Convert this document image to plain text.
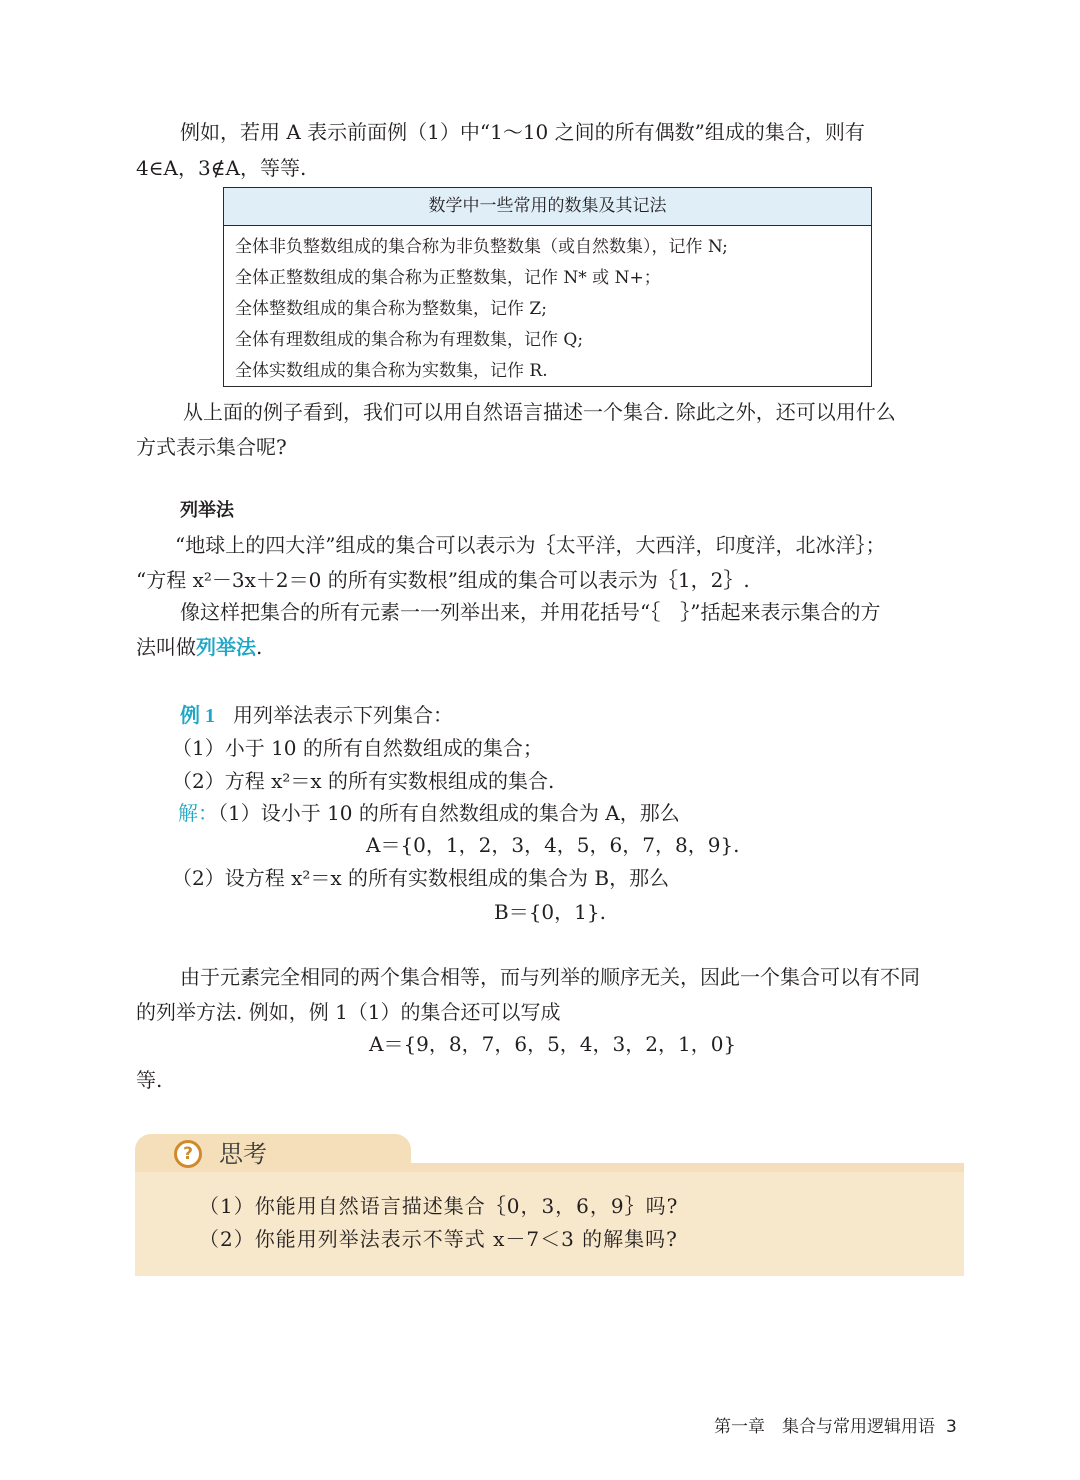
例如，若用 A 表示前面例（1）中“1～10 之间的所有偶数”组成的集合，则有
4∈A，3∉A，等等.
数学中一些常用的数集及其记法
全体非负整数组成的集合称为非负整数集（或自然数集），记作 N;
全体正整数组成的集合称为正整数集，记作 N* 或 N+；
全体整数组成的集合称为整数集，记作 Z;
全体有理数组成的集合称为有理数集，记作 Q;
全体实数组成的集合称为实数集，记作 R.
从上面的例子看到，我们可以用自然语言描述一个集合. 除此之外，还可以用什么
方式表示集合呢?
列举法
“地球上的四大洋”组成的集合可以表示为｛太平洋，大西洋，印度洋，北冰洋｝；
“方程 x²－3x＋2＝0 的所有实数根”组成的集合可以表示为｛1，2｝.
像这样把集合的所有元素一一列举出来，并用花括号“｛　｝”括起来表示集合的方
法叫做列举法.
例 1 用列举法表示下列集合：
（1）小于 10 的所有自然数组成的集合；
（2）方程 x²＝x 的所有实数根组成的集合.
解：（1）设小于 10 的所有自然数组成的集合为 A，那么
A＝{0，1，2，3，4，5，6，7，8，9}.
（2）设方程 x²＝x 的所有实数根组成的集合为 B，那么
B＝{0，1}.
由于元素完全相同的两个集合相等，而与列举的顺序无关，因此一个集合可以有不同
的列举方法. 例如，例 1（1）的集合还可以写成
A＝{9，8，7，6，5，4，3，2，1，0}
等.
?	思考
（1）你能用自然语言描述集合｛0，3，6，9｝吗?
（2）你能用列举法表示不等式 x－7＜3 的解集吗?
第一章　集合与常用逻辑用语 3
